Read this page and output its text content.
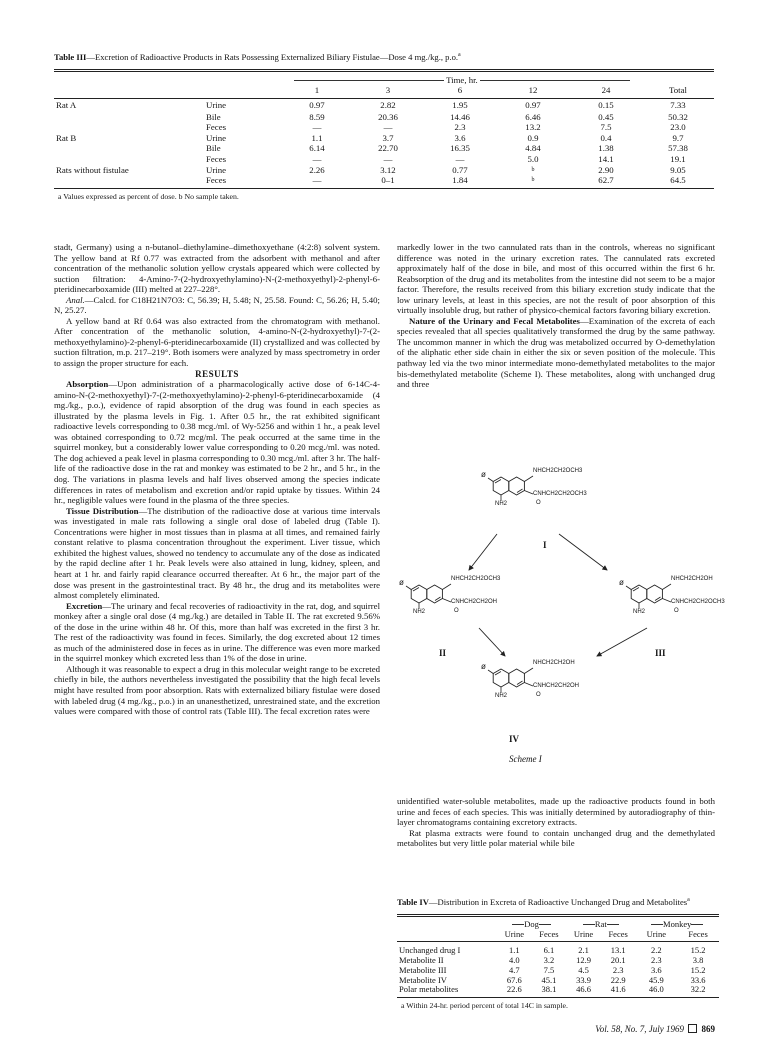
Table III—Excretion of Radioactive Products in Rats Possessing Externalized Biliary Fistulae—Dose 4 mg./kg., p.o.$^a$
		Time, hr.					
		1	3	6	12	24	Total
Rat A	Urine	0.97	2.82	1.95	0.97	0.15	7.33
	Bile	8.59	20.36	14.46	6.46	0.45	50.32
	Feces	—	—	2.3	13.2	7.5	23.0
Rat B	Urine	1.1	3.7	3.6	0.9	0.4	9.7
	Bile	6.14	22.70	16.35	4.84	1.38	57.38
	Feces	—	—	—	5.0	14.1	19.1
Rats without fistulae	Urine	2.26	3.12	0.77	b	2.90	9.05
	Feces	—	0–1	1.84	b	62.7	64.5
a Values expressed as percent of dose. b No sample taken.

stadt, Germany) using a n-butanol–diethylamine–dimethoxyethane (4:2:8) solvent system. The yellow band at Rf 0.77 was extracted from the adsorbent with methanol and after concentration of the methanolic solution yellow crystals appeared which were collected by suction filtration: 4-Amino-7-(2-hydroxyethylamino)-N-(2-methoxyethyl)-2-phenyl-6-pteridinecarboxamide (III) melted at 227–228°.

Anal.—Calcd. for C18H21N7O3: C, 56.39; H, 5.48; N, 25.58. Found: C, 56.26; H, 5.40; N, 25.27.

A yellow band at Rf 0.64 was also extracted from the chromatogram with methanol. After concentration of the methanolic solution, 4-amino-N-(2-hydroxyethyl)-7-(2-methoxyethylamino)-2-phenyl-6-pteridinecarboxamide (II) crystallized and was collected by suction filtration, m.p. 217–219°. Both isomers were analyzed by mass spectrometry in order to assign the proper structure for each.

RESULTS

Absorption—Upon administration of a pharmacologically active dose of 6-14C-4-amino-N-(2-methoxyethyl)-7-(2-methoxyethylamino)-2-phenyl-6-pteridinecarboxamide (4 mg./kg., p.o.), evidence of rapid absorption of the drug was found in each species as illustrated by the plasma levels in Fig. 1. After 0.5 hr., the rat exhibited significant radioactive levels corresponding to 0.38 mcg./ml. of Wy-5256 and within 1 hr., a peak level was obtained corresponding to 0.72 mcg/ml. The peak occurred at the same time in the squirrel monkey, but a considerably lower value corresponding to 0.20 mcg./ml. was noted. The dog achieved a peak level in plasma corresponding to 0.30 mcg./ml. after 3 hr. The half-life of the radioactive dose in the rat and monkey was estimated to be 2 hr., and 5 hr., in the dog. The variations in plasma levels and half lives observed among the species indicate differences in rates of metabolism and excretion and/or rapid uptake by tissues. Within 24 hr., negligible values were found in the plasma of the three species.

Tissue Distribution—The distribution of the radioactive dose at various time intervals was investigated in male rats following a single oral dose of labeled drug (Table I). Concentrations were higher in most tissues than in plasma at all times, and remained fairly constant relative to plasma concentration throughout the experiment. Liver tissue, which exhibited the highest values, showed no tendency to accumulate any of the dose as indicated by the rapid decline after 1 hr. Peak levels were also attained in lung, kidney, spleen, and heart at 1 hr. and fairly rapid clearance occurred thereafter. At 6 hr., the major part of the dose was present in the gastrointestinal tract. By 48 hr., the drug and its metabolites were almost completely eliminated.

Excretion—The urinary and fecal recoveries of radioactivity in the rat, dog, and squirrel monkey after a single oral dose (4 mg./kg.) are detailed in Table II. The rat excreted 9.56% of the dose in the urine within 48 hr. Of this, more than half was excreted in the first 3 hr. The rest of the radioactivity was found in feces. Similarly, the dog excreted about 12 times as much of the administered dose in feces as in urine. The difference was even more marked in the squirrel monkey which excreted less than 1% of the dose in urine.

Although it was reasonable to expect a drug in this molecular weight range to be excreted chiefly in bile, the authors nevertheless investigated the possibility that the high fecal levels might have resulted from poor absorption. Rats with externalized biliary fistulae were dosed with labeled drug (4 mg./kg., p.o.) in an unanesthetized, unrestrained state, and the excretion values were compared with those of control rats (Table III). The fecal excretion rates were

markedly lower in the two cannulated rats than in the controls, whereas no significant difference was noted in the urinary excretion rates. The cannulated rats excreted approximately half of the dose in bile, and most of this occurred within the first 6 hr. Reabsorption of the drug and its metabolites from the intestine did not seem to be a major factor. Therefore, the results received from this biliary excretion study indicate that the low urinary levels, at least in this species, are not the result of poor absorption of this virtually insoluble drug, but rather of physico-chemical factors favoring biliary excretion.

Nature of the Urinary and Fecal Metabolites—Examination of the excreta of each species revealed that all species qualitatively transformed the drug by the same pathway. The uncommon manner in which the drug was metabolized occurred by O-demethylation of the aliphatic ether side chain in either the six or seven position of the molecule. This pathway led via the two minor intermediate mono-demethylated metabolites to the major bis-demethylated metabolite (Scheme I). These metabolites, along with unchanged drug and three

ø
NH2
NHCH2CH2OCH3
CNHCH2CH2OCH3
O
I
ø
NH2
NHCH2CH2OCH3
CNHCH2CH2OH
O
II
ø
NH2
NHCH2CH2OH
CNHCH2CH2OCH3
O
III
ø
NH2
NHCH2CH2OH
CNHCH2CH2OH
O
IV
Scheme I

unidentified water-soluble metabolites, made up the radioactive products found in both urine and feces of each species. This was initially determined by autoradiography of thin-layer chromatograms containing excretory extracts.

Rat plasma extracts were found to contain unchanged drug and the demethylated metabolites but very little polar material while bile

Table IV—Distribution in Excreta of Radioactive Unchanged Drug and Metabolites$^a$
	Dog		Rat		Monkey	
	Urine	Feces	Urine	Feces	Urine	Feces
Unchanged drug I	1.1	6.1	2.1	13.1	2.2	15.2
Metabolite II	4.0	3.2	12.9	20.1	2.3	3.8
Metabolite III	4.7	7.5	4.5	2.3	3.6	15.2
Metabolite IV	67.6	45.1	33.9	22.9	45.9	33.6
Polar metabolites	22.6	38.1	46.6	41.6	46.0	32.2
a Within 24-hr. period percent of total 14C in sample.
Vol. 58, No. 7, July 1969 869
